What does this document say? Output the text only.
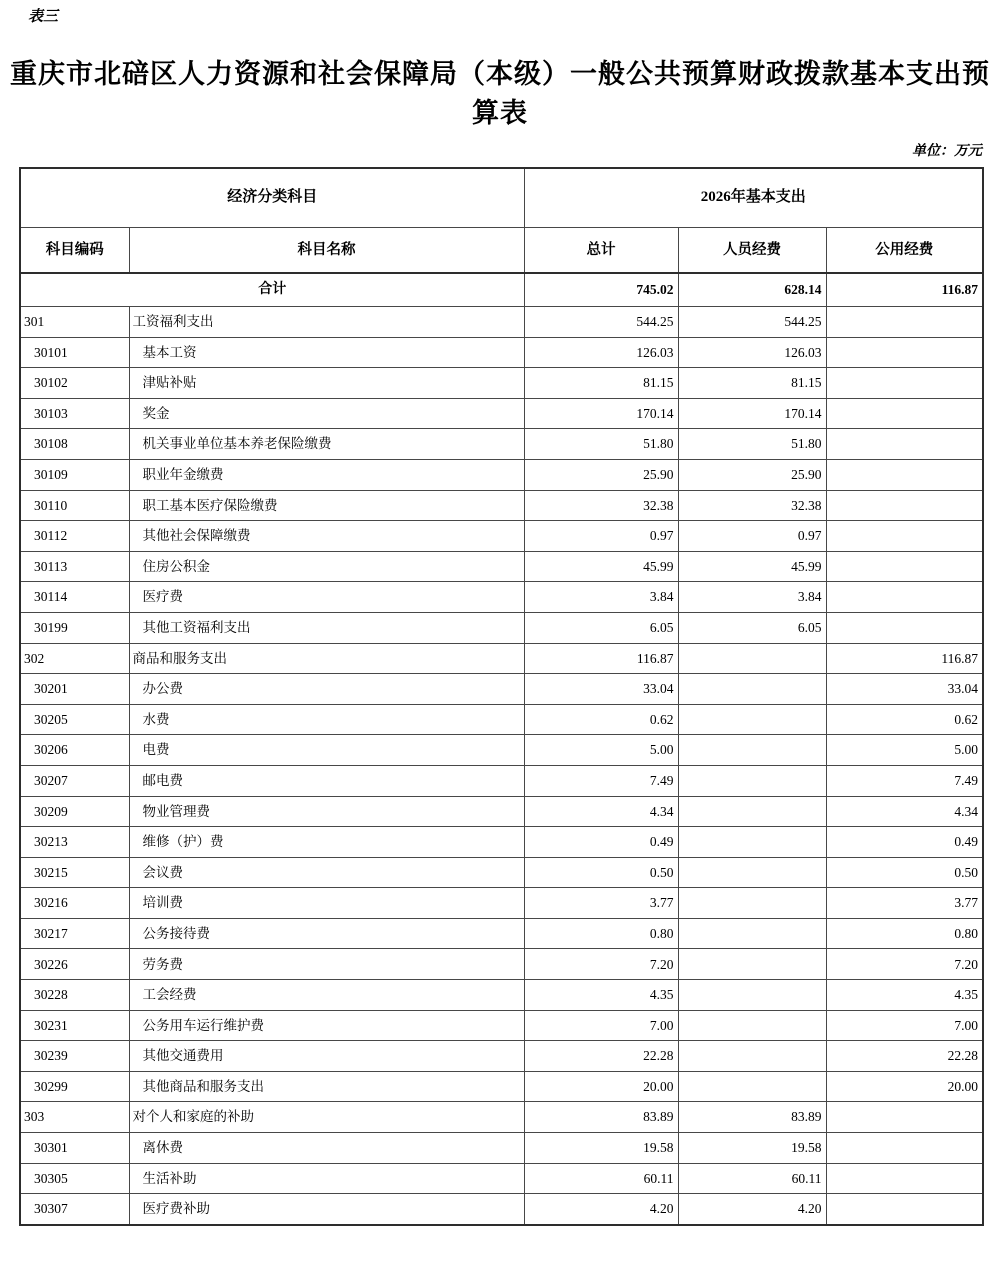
表三
重庆市北碚区人力资源和社会保障局（本级）一般公共预算财政拨款基本支出预算表
单位：万元
经济分类科目		2026年基本支出		
科目编码	科目名称	总计	人员经费	公用经费
合计		745.02	628.14	116.87
301	工资福利支出	544.25	544.25	
30101	基本工资	126.03	126.03	
30102	津贴补贴	81.15	81.15	
30103	奖金	170.14	170.14	
30108	机关事业单位基本养老保险缴费	51.80	51.80	
30109	职业年金缴费	25.90	25.90	
30110	职工基本医疗保险缴费	32.38	32.38	
30112	其他社会保障缴费	0.97	0.97	
30113	住房公积金	45.99	45.99	
30114	医疗费	3.84	3.84	
30199	其他工资福利支出	6.05	6.05	
302	商品和服务支出	116.87		116.87
30201	办公费	33.04		33.04
30205	水费	0.62		0.62
30206	电费	5.00		5.00
30207	邮电费	7.49		7.49
30209	物业管理费	4.34		4.34
30213	维修（护）费	0.49		0.49
30215	会议费	0.50		0.50
30216	培训费	3.77		3.77
30217	公务接待费	0.80		0.80
30226	劳务费	7.20		7.20
30228	工会经费	4.35		4.35
30231	公务用车运行维护费	7.00		7.00
30239	其他交通费用	22.28		22.28
30299	其他商品和服务支出	20.00		20.00
303	对个人和家庭的补助	83.89	83.89	
30301	离休费	19.58	19.58	
30305	生活补助	60.11	60.11	
30307	医疗费补助	4.20	4.20	
